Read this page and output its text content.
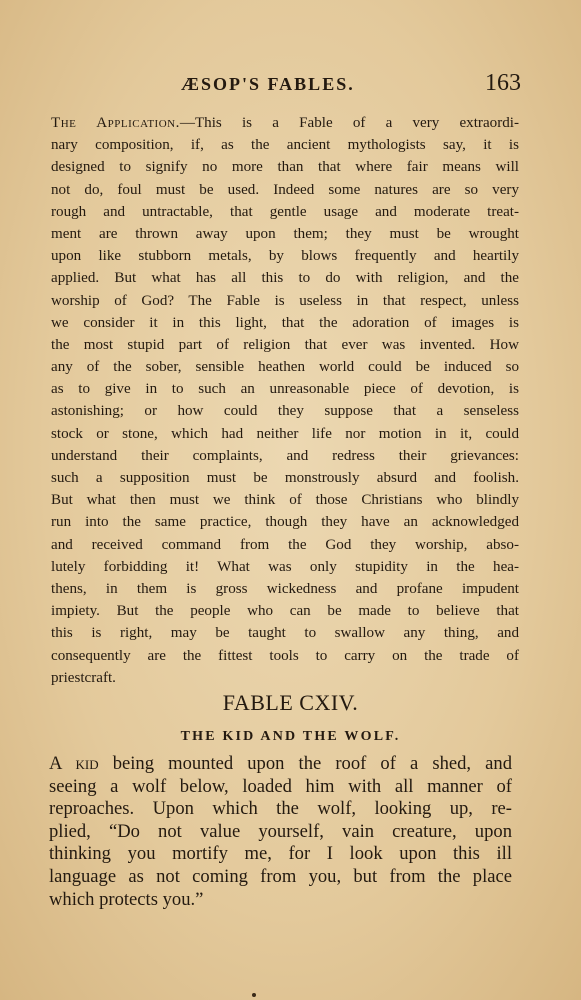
ÆSOP'S FABLES.	163
The Application.—This is a Fable of a very extraordi-
nary composition, if, as the ancient mythologists say, it is
designed to signify no more than that where fair means will
not do, foul must be used. Indeed some natures are so very
rough and untractable, that gentle usage and moderate treat-
ment are thrown away upon them; they must be wrought
upon like stubborn metals, by blows frequently and heartily
applied. But what has all this to do with religion, and the
worship of God? The Fable is useless in that respect, unless
we consider it in this light, that the adoration of images is
the most stupid part of religion that ever was invented. How
any of the sober, sensible heathen world could be induced so
as to give in to such an unreasonable piece of devotion, is
astonishing; or how could they suppose that a senseless
stock or stone, which had neither life nor motion in it, could
understand their complaints, and redress their grievances:
such a supposition must be monstrously absurd and foolish.
But what then must we think of those Christians who blindly
run into the same practice, though they have an acknowledged
and received command from the God they worship, abso-
lutely forbidding it! What was only stupidity in the hea-
thens, in them is gross wickedness and profane impudent
impiety. But the people who can be made to believe that
this is right, may be taught to swallow any thing, and
consequently are the fittest tools to carry on the trade of
priestcraft.
FABLE CXIV.
THE KID AND THE WOLF.
A kid being mounted upon the roof of a shed, and
seeing a wolf below, loaded him with all manner of
reproaches. Upon which the wolf, looking up, re-
plied, “Do not value yourself, vain creature, upon
thinking you mortify me, for I look upon this ill
language as not coming from you, but from the place
which protects you.”
